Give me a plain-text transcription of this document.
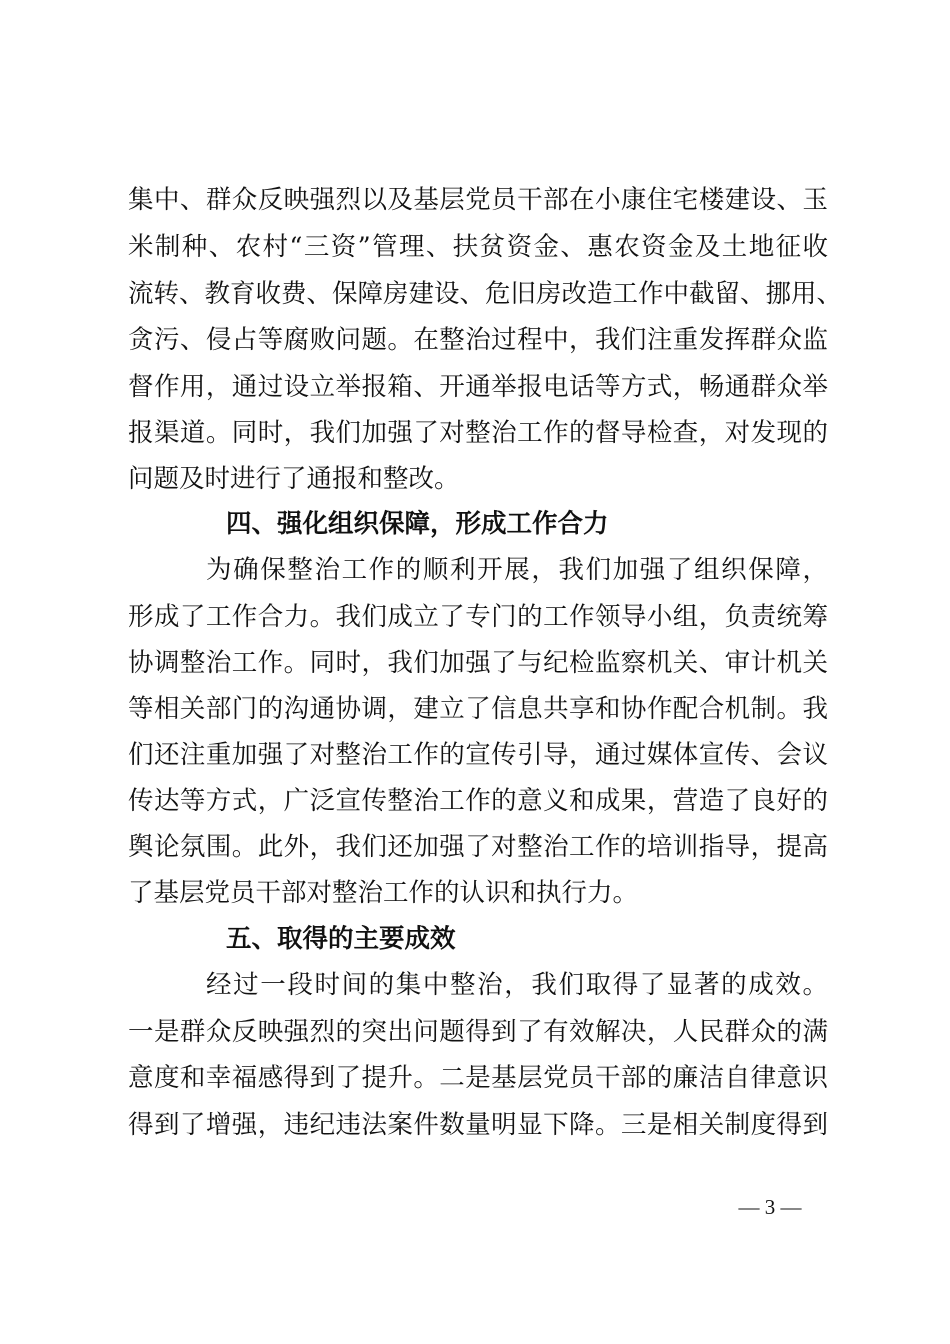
集中、群众反映强烈以及基层党员干部在小康住宅楼建设、玉
米制种、农村“三资”管理、扶贫资金、惠农资金及土地征收
流转、教育收费、保障房建设、危旧房改造工作中截留、挪用、
贪污、侵占等腐败问题。在整治过程中，我们注重发挥群众监
督作用，通过设立举报箱、开通举报电话等方式，畅通群众举
报渠道。同时，我们加强了对整治工作的督导检查，对发现的
问题及时进行了通报和整改。
四、强化组织保障，形成工作合力
为确保整治工作的顺利开展，我们加强了组织保障，
形成了工作合力。我们成立了专门的工作领导小组，负责统筹
协调整治工作。同时，我们加强了与纪检监察机关、审计机关
等相关部门的沟通协调，建立了信息共享和协作配合机制。我
们还注重加强了对整治工作的宣传引导，通过媒体宣传、会议
传达等方式，广泛宣传整治工作的意义和成果，营造了良好的
舆论氛围。此外，我们还加强了对整治工作的培训指导，提高
了基层党员干部对整治工作的认识和执行力。
五、取得的主要成效
经过一段时间的集中整治，我们取得了显著的成效。
一是群众反映强烈的突出问题得到了有效解决，人民群众的满
意度和幸福感得到了提升。二是基层党员干部的廉洁自律意识
得到了增强，违纪违法案件数量明显下降。三是相关制度得到
— 3 —
